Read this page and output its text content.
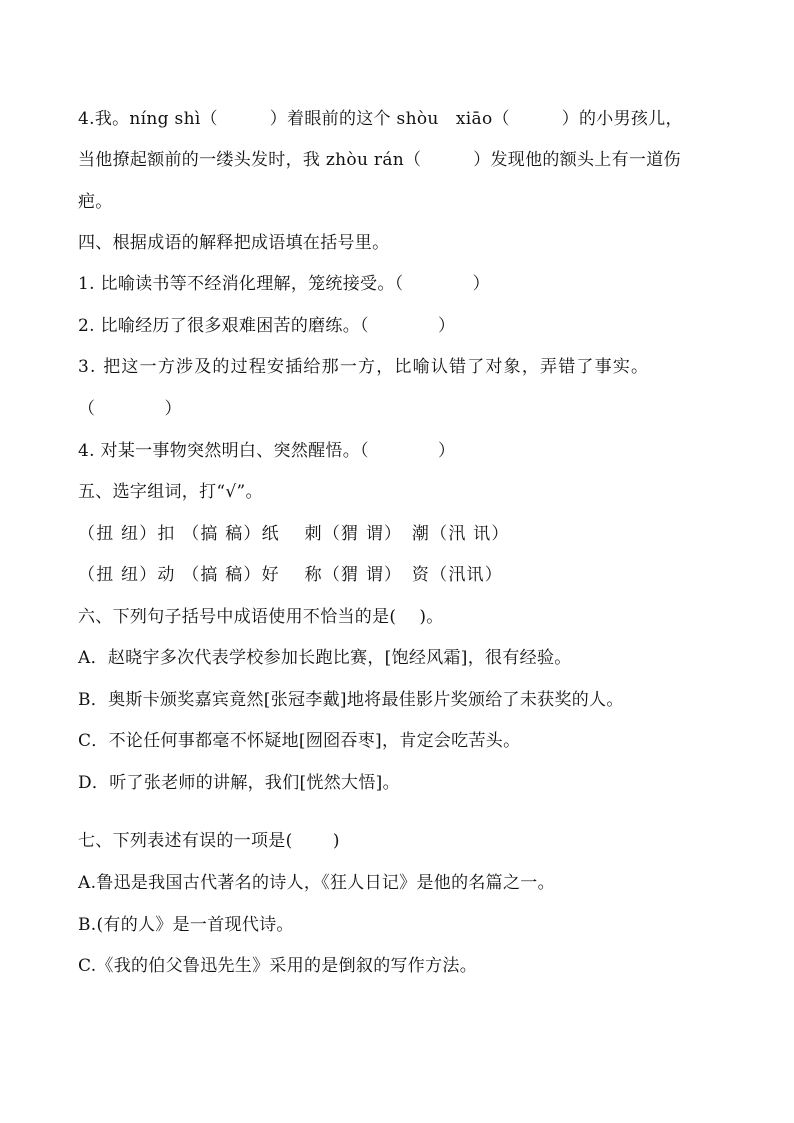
4.我。níng shì（　　　）着眼前的这个 shòu　xiāo（　　　）的小男孩儿，
当他撩起额前的一缕头发时，我 zhòu rán（　　　）发现他的额头上有一道伤
疤。
四、根据成语的解释把成语填在括号里。
1. 比喻读书等不经消化理解，笼统接受。（　　　　）
2. 比喻经历了很多艰难困苦的磨练。（　　　　）
3. 把这一方涉及的过程安插给那一方，比喻认错了对象，弄错了事实。
（　　　　）
4. 对某一事物突然明白、突然醒悟。（　　　　）
五、选字组词，打“√”。
（扭 纽）扣 （搞 稿）纸　 刺（猬 谓）　潮（汛 讯）
（扭 纽）动 （搞 稿）好　 称（猬 谓）　资（汛讯）
六、下列句子括号中成语使用不恰当的是(　 )。
A．赵晓宇多次代表学校参加长跑比赛，[饱经风霜]，很有经验。
B．奥斯卡颁奖嘉宾竟然[张冠李戴]地将最佳影片奖颁给了未获奖的人。
C．不论任何事都毫不怀疑地[囫囵吞枣]，肯定会吃苦头。
D．听了张老师的讲解，我们[恍然大悟]。
七、下列表述有误的一项是(　　 )
A.鲁迅是我国古代著名的诗人，《狂人日记》是他的名篇之一。
B.(有的人》是一首现代诗。
C.《我的伯父鲁迅先生》采用的是倒叙的写作方法。
